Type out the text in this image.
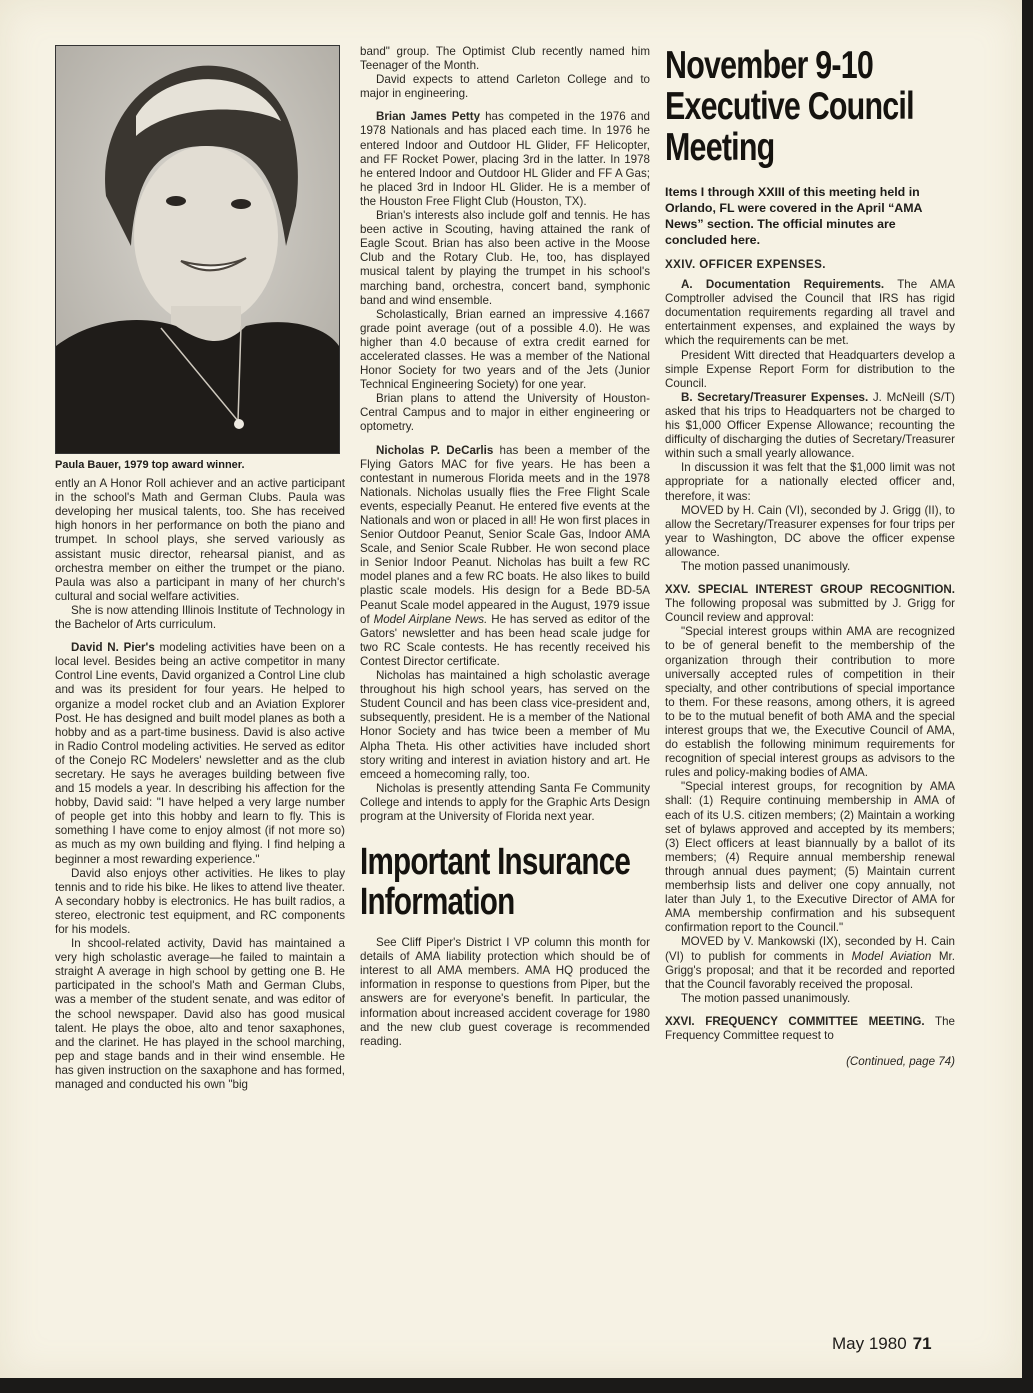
Paula Bauer, 1979 top award winner.

ently an A Honor Roll achiever and an active participant in the school's Math and German Clubs. Paula was developing her musical talents, too. She has received high honors in her performance on both the piano and trumpet. In school plays, she served variously as assistant music director, rehearsal pianist, and as orchestra member on either the trumpet or the piano. Paula was also a participant in many of her church's cultural and social welfare activities.

She is now attending Illinois Institute of Technology in the Bachelor of Arts curriculum.

David N. Pier's modeling activities have been on a local level. Besides being an active competitor in many Control Line events, David organized a Control Line club and was its president for four years. He helped to organize a model rocket club and an Aviation Explorer Post. He has designed and built model planes as both a hobby and as a part-time business. David is also active in Radio Control modeling activities. He served as editor of the Conejo RC Modelers' newsletter and as the club secretary. He says he averages building between five and 15 models a year. In describing his affection for the hobby, David said: "I have helped a very large number of people get into this hobby and learn to fly. This is something I have come to enjoy almost (if not more so) as much as my own building and flying. I find helping a beginner a most rewarding experience."

David also enjoys other activities. He likes to play tennis and to ride his bike. He likes to attend live theater. A secondary hobby is electronics. He has built radios, a stereo, electronic test equipment, and RC components for his models.

In shcool-related activity, David has maintained a very high scholastic average—he failed to maintain a straight A average in high school by getting one B. He participated in the school's Math and German Clubs, was a member of the student senate, and was editor of the school newspaper. David also has good musical talent. He plays the oboe, alto and tenor saxaphones, and the clarinet. He has played in the school marching, pep and stage bands and in their wind ensemble. He has given instruction on the saxaphone and has formed, managed and conducted his own "big

band" group. The Optimist Club recently named him Teenager of the Month.

David expects to attend Carleton College and to major in engineering.

Brian James Petty has competed in the 1976 and 1978 Nationals and has placed each time. In 1976 he entered Indoor and Outdoor HL Glider, FF Helicopter, and FF Rocket Power, placing 3rd in the latter. In 1978 he entered Indoor and Outdoor HL Glider and FF A Gas; he placed 3rd in Indoor HL Glider. He is a member of the Houston Free Flight Club (Houston, TX).

Brian's interests also include golf and tennis. He has been active in Scouting, having attained the rank of Eagle Scout. Brian has also been active in the Moose Club and the Rotary Club. He, too, has displayed musical talent by playing the trumpet in his school's marching band, orchestra, concert band, symphonic band and wind ensemble.

Scholastically, Brian earned an impressive 4.1667 grade point average (out of a possible 4.0). He was higher than 4.0 because of extra credit earned for accelerated classes. He was a member of the National Honor Society for two years and of the Jets (Junior Technical Engineering Society) for one year.

Brian plans to attend the University of Houston-Central Campus and to major in either engineering or optometry.

Nicholas P. DeCarlis has been a member of the Flying Gators MAC for five years. He has been a contestant in numerous Florida meets and in the 1978 Nationals. Nicholas usually flies the Free Flight Scale events, especially Peanut. He entered five events at the Nationals and won or placed in all! He won first places in Senior Outdoor Peanut, Senior Scale Gas, Indoor AMA Scale, and Senior Scale Rubber. He won second place in Senior Indoor Peanut. Nicholas has built a few RC model planes and a few RC boats. He also likes to build plastic scale models. His design for a Bede BD-5A Peanut Scale model appeared in the August, 1979 issue of Model Airplane News. He has served as editor of the Gators' newsletter and has been head scale judge for two RC Scale contests. He has recently received his Contest Director certificate.

Nicholas has maintained a high scholastic average throughout his high school years, has served on the Student Council and has been class vice-president and, subsequently, president. He is a member of the National Honor Society and has twice been a member of Mu Alpha Theta. His other activities have included short story writing and interest in aviation history and art. He emceed a homecoming rally, too.

Nicholas is presently attending Santa Fe Community College and intends to apply for the Graphic Arts Design program at the University of Florida next year.

Important Insurance Information

See Cliff Piper's District I VP column this month for details of AMA liability protection which should be of interest to all AMA members. AMA HQ produced the information in response to questions from Piper, but the answers are for everyone's benefit. In particular, the information about increased accident coverage for 1980 and the new club guest coverage is recommended reading.

November 9-10 Executive Council Meeting
Items I through XXIII of this meeting held in Orlando, FL were covered in the April “AMA News” section. The official minutes are concluded here.
XXIV. OFFICER EXPENSES.

A. Documentation Requirements. The AMA Comptroller advised the Council that IRS has rigid documentation requirements regarding all travel and entertainment expenses, and explained the ways by which the requirements can be met.

President Witt directed that Headquarters develop a simple Expense Report Form for distribution to the Council.

B. Secretary/Treasurer Expenses. J. McNeill (S/T) asked that his trips to Headquarters not be charged to his $1,000 Officer Expense Allowance; recounting the difficulty of discharging the duties of Secretary/Treasurer within such a small yearly allowance.

In discussion it was felt that the $1,000 limit was not appropriate for a nationally elected officer and, therefore, it was:

MOVED by H. Cain (VI), seconded by J. Grigg (II), to allow the Secretary/Treasurer expenses for four trips per year to Washington, DC above the officer expense allowance.

The motion passed unanimously.

XXV. SPECIAL INTEREST GROUP RECOGNITION. The following proposal was submitted by J. Grigg for Council review and approval:

"Special interest groups within AMA are recognized to be of general benefit to the membership of the organization through their contribution to more universally accepted rules of competition in their specialty, and other contributions of special importance to them. For these reasons, among others, it is agreed to be to the mutual benefit of both AMA and the special interest groups that we, the Executive Council of AMA, do establish the following minimum requirements for recognition of special interest groups as advisors to the rules and policy-making bodies of AMA.

"Special interest groups, for recognition by AMA shall: (1) Require continuing membership in AMA of each of its U.S. citizen members; (2) Maintain a working set of bylaws approved and accepted by its members; (3) Elect officers at least biannually by a ballot of its members; (4) Require annual membership renewal through annual dues payment; (5) Maintain current memberhsip lists and deliver one copy annually, not later than July 1, to the Executive Director of AMA for AMA membership confirmation and his subsequent confirmation report to the Council."

MOVED by V. Mankowski (IX), seconded by H. Cain (VI) to publish for comments in Model Aviation Mr. Grigg's proposal; and that it be recorded and reported that the Council favorably received the proposal.

The motion passed unanimously.

XXVI. FREQUENCY COMMITTEE MEETING. The Frequency Committee request to

(Continued, page 74)
May 1980 71
